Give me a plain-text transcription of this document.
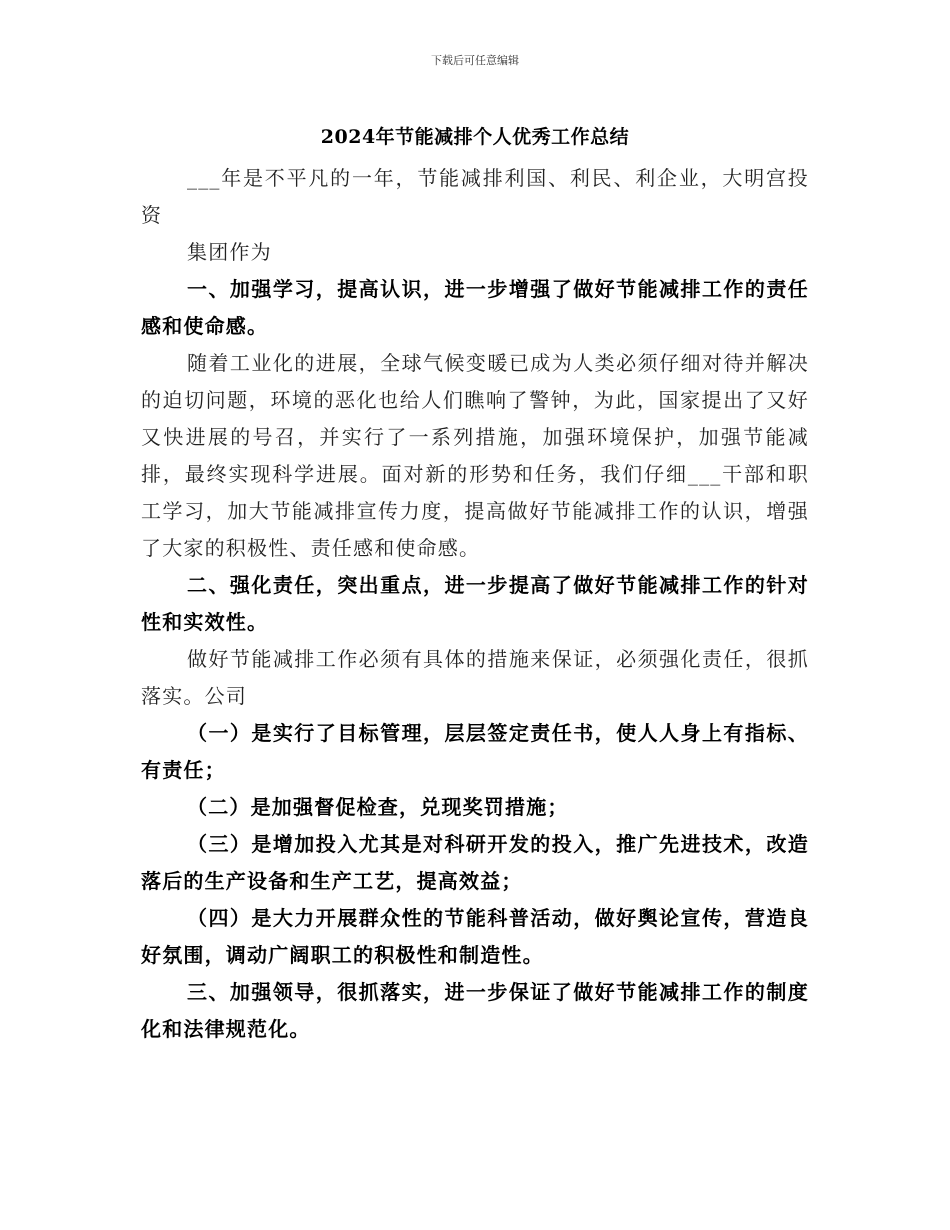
下载后可任意编辑
2024年节能减排个人优秀工作总结

___年是不平凡的一年，节能减排利国、利民、利企业，大明宫投资

集团作为

一、加强学习，提高认识，进一步增强了做好节能减排工作的责任感和使命感。

随着工业化的进展，全球气候变暖已成为人类必须仔细对待并解决的迫切问题，环境的恶化也给人们瞧响了警钟，为此，国家提出了又好又快进展的号召，并实行了一系列措施，加强环境保护，加强节能减排，最终实现科学进展。面对新的形势和任务，我们仔细___干部和职工学习，加大节能减排宣传力度，提高做好节能减排工作的认识，增强了大家的积极性、责任感和使命感。

二、强化责任，突出重点，进一步提高了做好节能减排工作的针对性和实效性。

做好节能减排工作必须有具体的措施来保证，必须强化责任，很抓落实。公司

（一）是实行了目标管理，层层签定责任书，使人人身上有指标、有责任；

（二）是加强督促检查，兑现奖罚措施；

（三）是增加投入尤其是对科研开发的投入，推广先进技术，改造落后的生产设备和生产工艺，提高效益；

（四）是大力开展群众性的节能科普活动，做好舆论宣传，营造良好氛围，调动广阔职工的积极性和制造性。

三、加强领导，很抓落实，进一步保证了做好节能减排工作的制度化和法律规范化。
